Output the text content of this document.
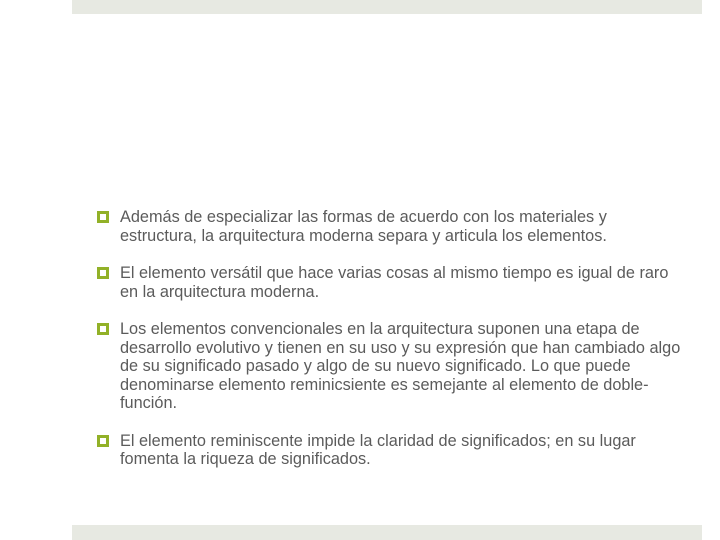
Además de especializar las formas de acuerdo con los materiales y estructura, la arquitectura moderna separa y articula los elementos.
El elemento versátil que hace varias cosas al mismo tiempo es igual de raro en la arquitectura moderna.
Los elementos convencionales en la arquitectura suponen una etapa de desarrollo evolutivo y tienen en su uso y su expresión que han cambiado algo de su significado pasado y algo de su nuevo significado. Lo que puede denominarse elemento reminicsiente es semejante al elemento de doble-función.
El elemento reminiscente impide la claridad de significados; en su lugar fomenta la riqueza de significados.
